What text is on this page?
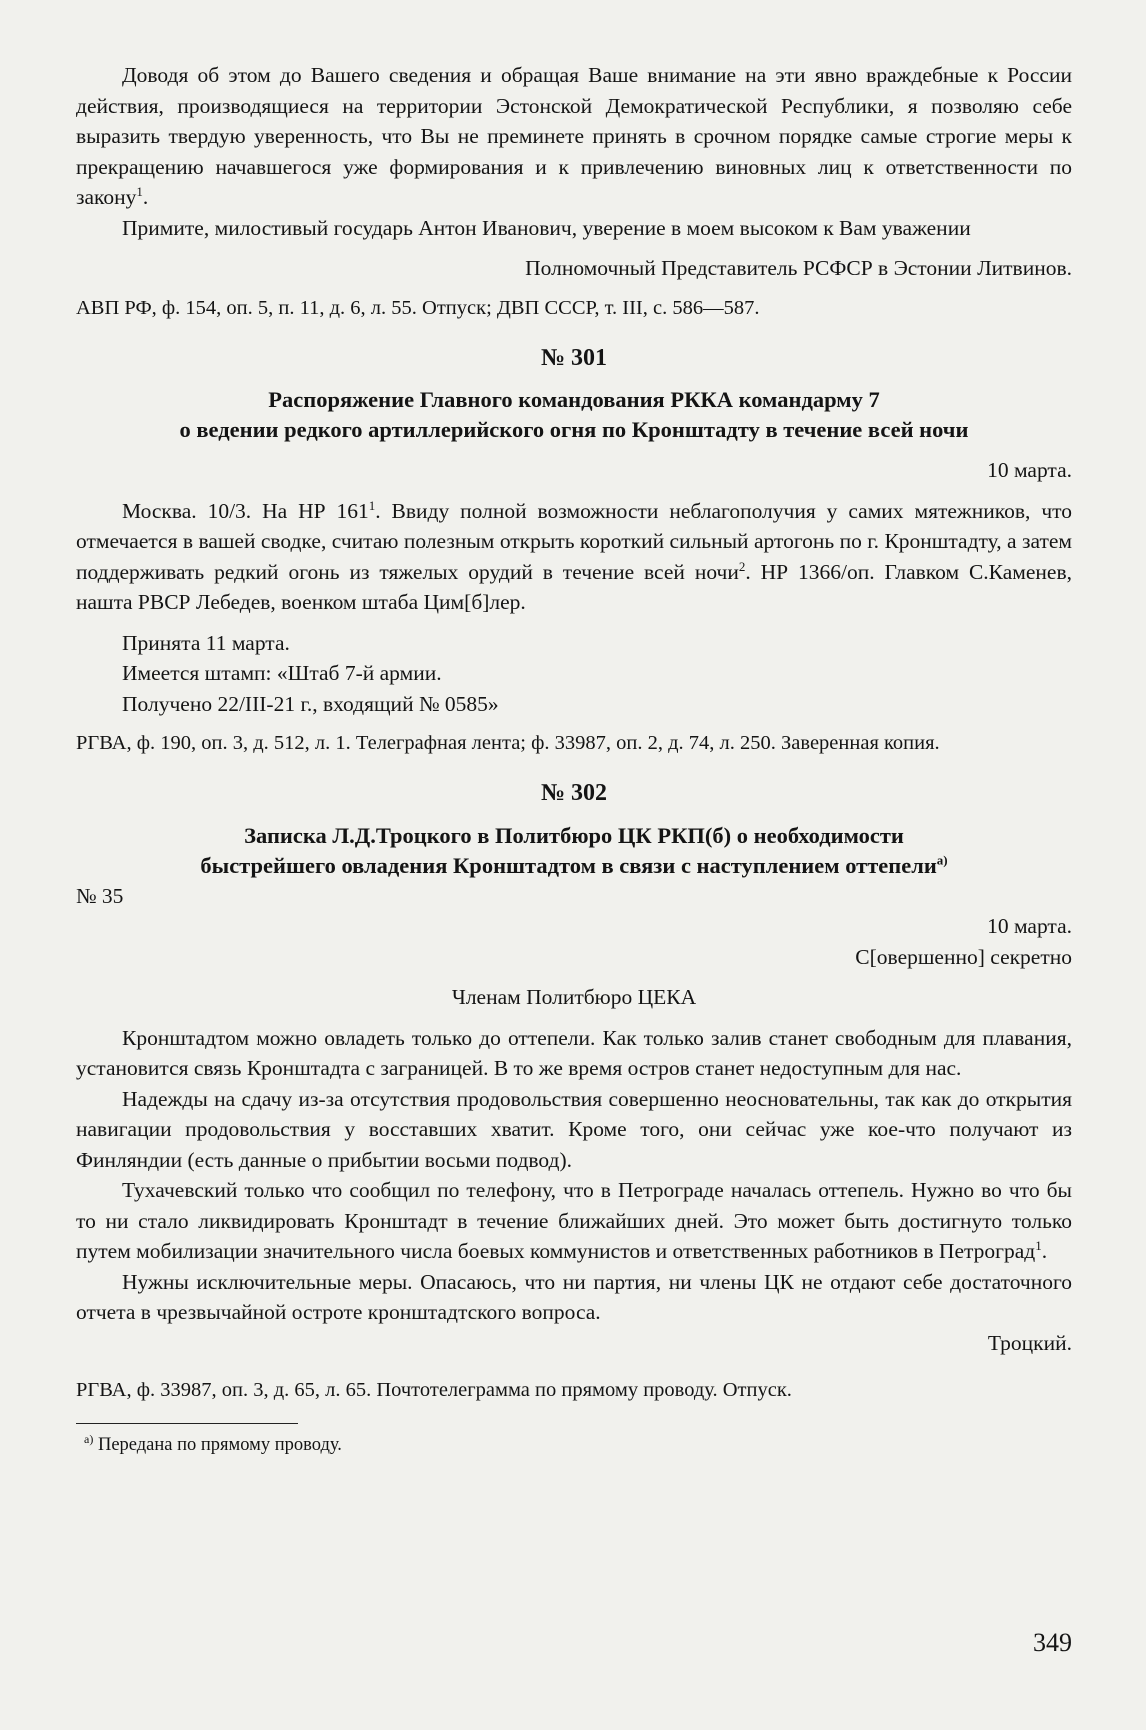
Доводя об этом до Вашего сведения и обращая Ваше внимание на эти явно враждебные к России действия, производящиеся на территории Эстонской Демократической Республики, я позволяю себе выразить твердую уверенность, что Вы не преминете принять в срочном порядке самые строгие меры к прекращению начавшегося уже формирования и к привлечению виновных лиц к ответственности по закону$^1$.

Примите, милостивый государь Антон Иванович, уверение в моем высоком к Вам уважении

Полномочный Представитель РСФСР в Эстонии Литвинов.

АВП РФ, ф. 154, оп. 5, п. 11, д. 6, л. 55. Отпуск; ДВП СССР, т. III, с. 586—587.

№ 301

Распоряжение Главного командования РККА командарму 7

о ведении редкого артиллерийского огня по Кронштадту в течение всей ночи

10 марта.

Москва. 10/3. На НР $161^1$. Ввиду полной возможности неблагополучия у самих мятежников, что отмечается в вашей сводке, считаю полезным открыть короткий сильный артогонь по г. Кронштадту, а затем поддерживать редкий огонь из тяжелых орудий в течение всей ночи$^2$. НР 1366/оп. Главком С.Каменев, наштa РВСР Лебедев, военком штаба Цим[б]лер.

Принята 11 марта.

Имеется штамп: «Штаб 7-й армии.

Получено 22/III-21 г., входящий № 0585»

РГВА, ф. 190, оп. 3, д. 512, л. 1. Телеграфная лента; ф. 33987, оп. 2, д. 74, л. 250. Заверенная копия.

№ 302

Записка Л.Д.Троцкого в Политбюро ЦК РКП(б) о необходимости

быстрейшего овладения Кронштадтом в связи с наступлением оттепели$^{а)}$

№ 35

10 марта.

С[овершенно] секретно

Членам Политбюро ЦЕКА

Кронштадтом можно овладеть только до оттепели. Как только залив станет свободным для плавания, установится связь Кронштадта с заграницей. В то же время остров станет недоступным для нас.

Надежды на сдачу из-за отсутствия продовольствия совершенно неосновательны, так как до открытия навигации продовольствия у восставших хватит. Кроме того, они сейчас уже кое-что получают из Финляндии (есть данные о прибытии восьми подвод).

Тухачевский только что сообщил по телефону, что в Петрограде началась оттепель. Нужно во что бы то ни стало ликвидировать Кронштадт в течение ближайших дней. Это может быть достигнуто только путем мобилизации значительного числа боевых коммунистов и ответственных работников в Петроград$^1$.

Нужны исключительные меры. Опасаюсь, что ни партия, ни члены ЦК не отдают себе достаточного отчета в чрезвычайной остроте кронштадтского вопроса.

Троцкий.

РГВА, ф. 33987, оп. 3, д. 65, л. 65. Почтотелеграмма по прямому проводу. Отпуск.

$^{а)}$ Передана по прямому проводу.

349
